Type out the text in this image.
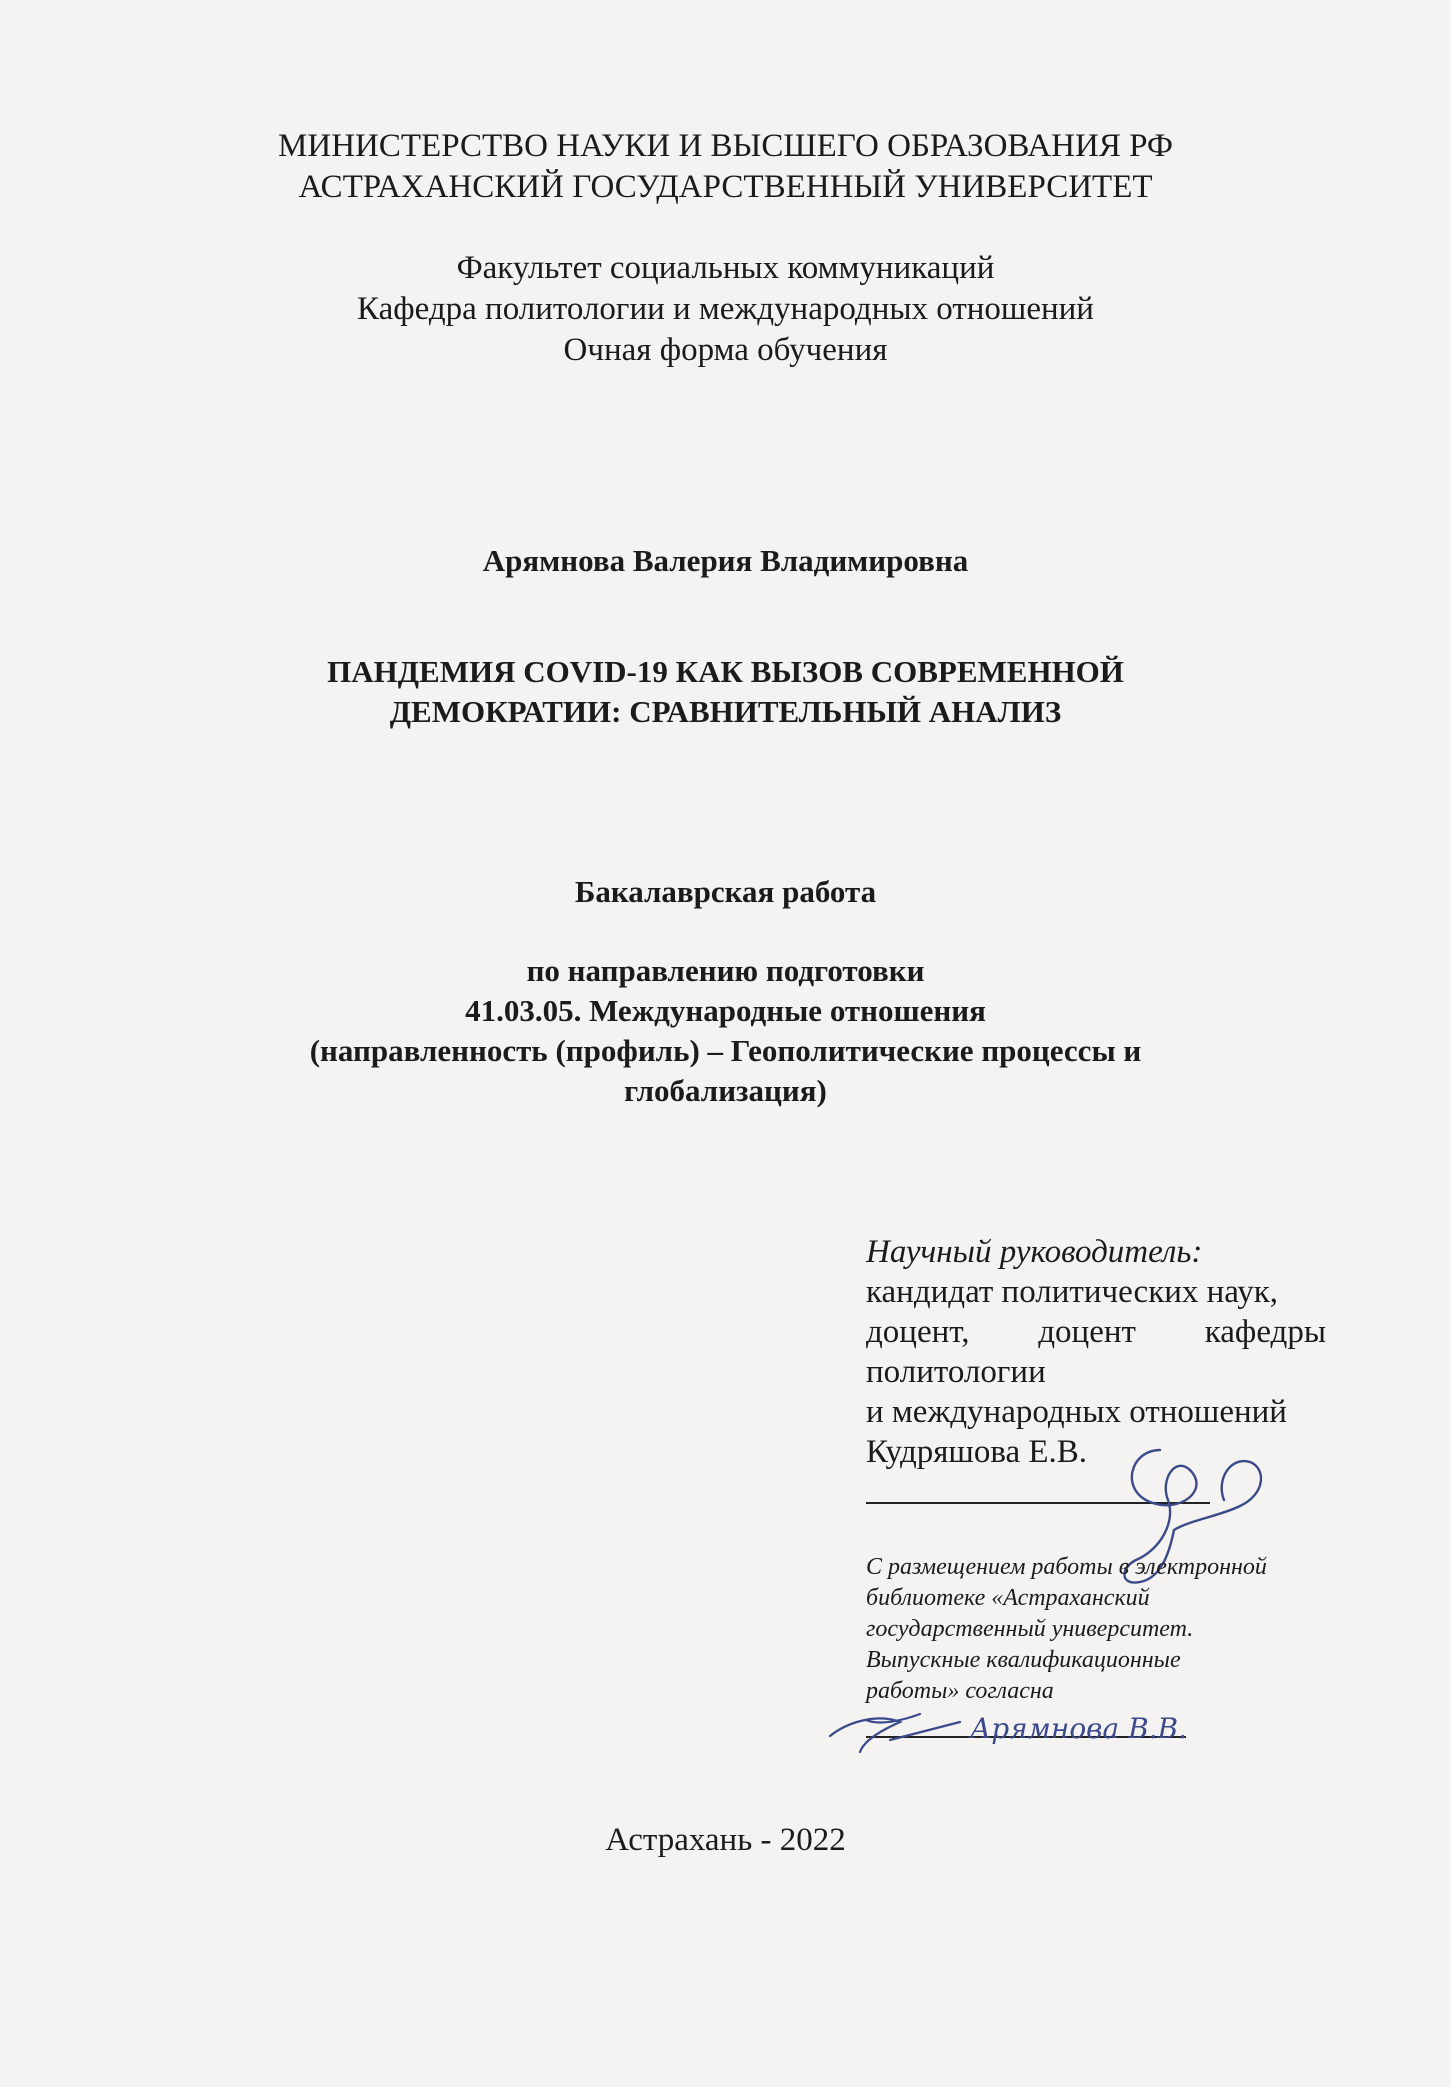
МИНИСТЕРСТВО НАУКИ И ВЫСШЕГО ОБРАЗОВАНИЯ РФ
АСТРАХАНСКИЙ ГОСУДАРСТВЕННЫЙ УНИВЕРСИТЕТ
Факультет социальных коммуникаций
Кафедра политологии и международных отношений
Очная форма обучения
Арямнова Валерия Владимировна
ПАНДЕМИЯ COVID-19 КАК ВЫЗОВ СОВРЕМЕННОЙ
ДЕМОКРАТИИ: СРАВНИТЕЛЬНЫЙ АНАЛИЗ
Бакалаврская работа
по направлению подготовки
41.03.05. Международные отношения
(направленность (профиль) – Геополитические процессы и
глобализация)
Научный руководитель:
кандидат политических наук,
доцент, доцент кафедры
политологии
и международных отношений
Кудряшова Е.В.
С размещением работы в электронной
библиотеке «Астраханский
государственный университет.
Выпускные квалификационные
работы» согласна
Арямнова В.В.
Астрахань - 2022
